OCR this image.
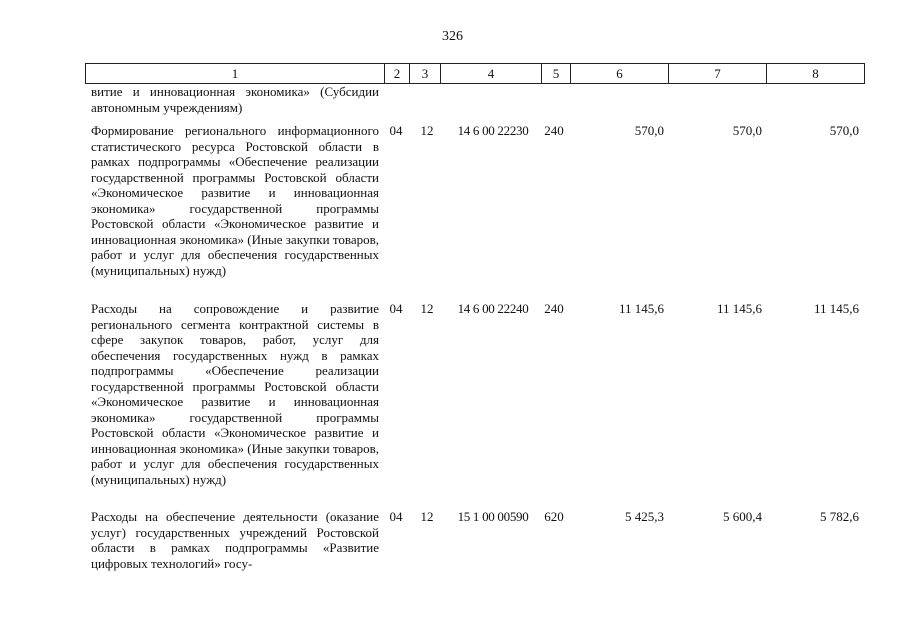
326
1	2	3	4	5	6	7	8
витие и инновационная экономика» (Субсидии автономным учреждениям)
Формирование регионального информационного статистического ресурса Ростовской области в рамках подпрограммы «Обеспечение реализации государственной программы Ростовской области «Экономическое развитие и инновационная экономика» государственной программы Ростовской области «Экономическое развитие и инновационная экономика» (Иные закупки товаров, работ и услуг для обеспечения государственных (муниципальных) нужд)
04	12	14 6 00 22230	240	570,0	570,0	570,0
Расходы на сопровождение и развитие регионального сегмента контрактной системы в сфере закупок товаров, работ, услуг для обеспечения государственных нужд в рамках подпрограммы «Обеспечение реализации государственной программы Ростовской области «Экономическое развитие и инновационная экономика» государственной программы Ростовской области «Экономическое развитие и инновационная экономика» (Иные закупки товаров, работ и услуг для обеспечения государственных (муниципальных) нужд)
04	12	14 6 00 22240	240	11 145,6	11 145,6	11 145,6
Расходы на обеспечение деятельности (оказание услуг) государственных учреждений Ростовской области в рамках подпрограммы «Развитие цифровых технологий» госу-
04	12	15 1 00 00590	620	5 425,3	5 600,4	5 782,6
